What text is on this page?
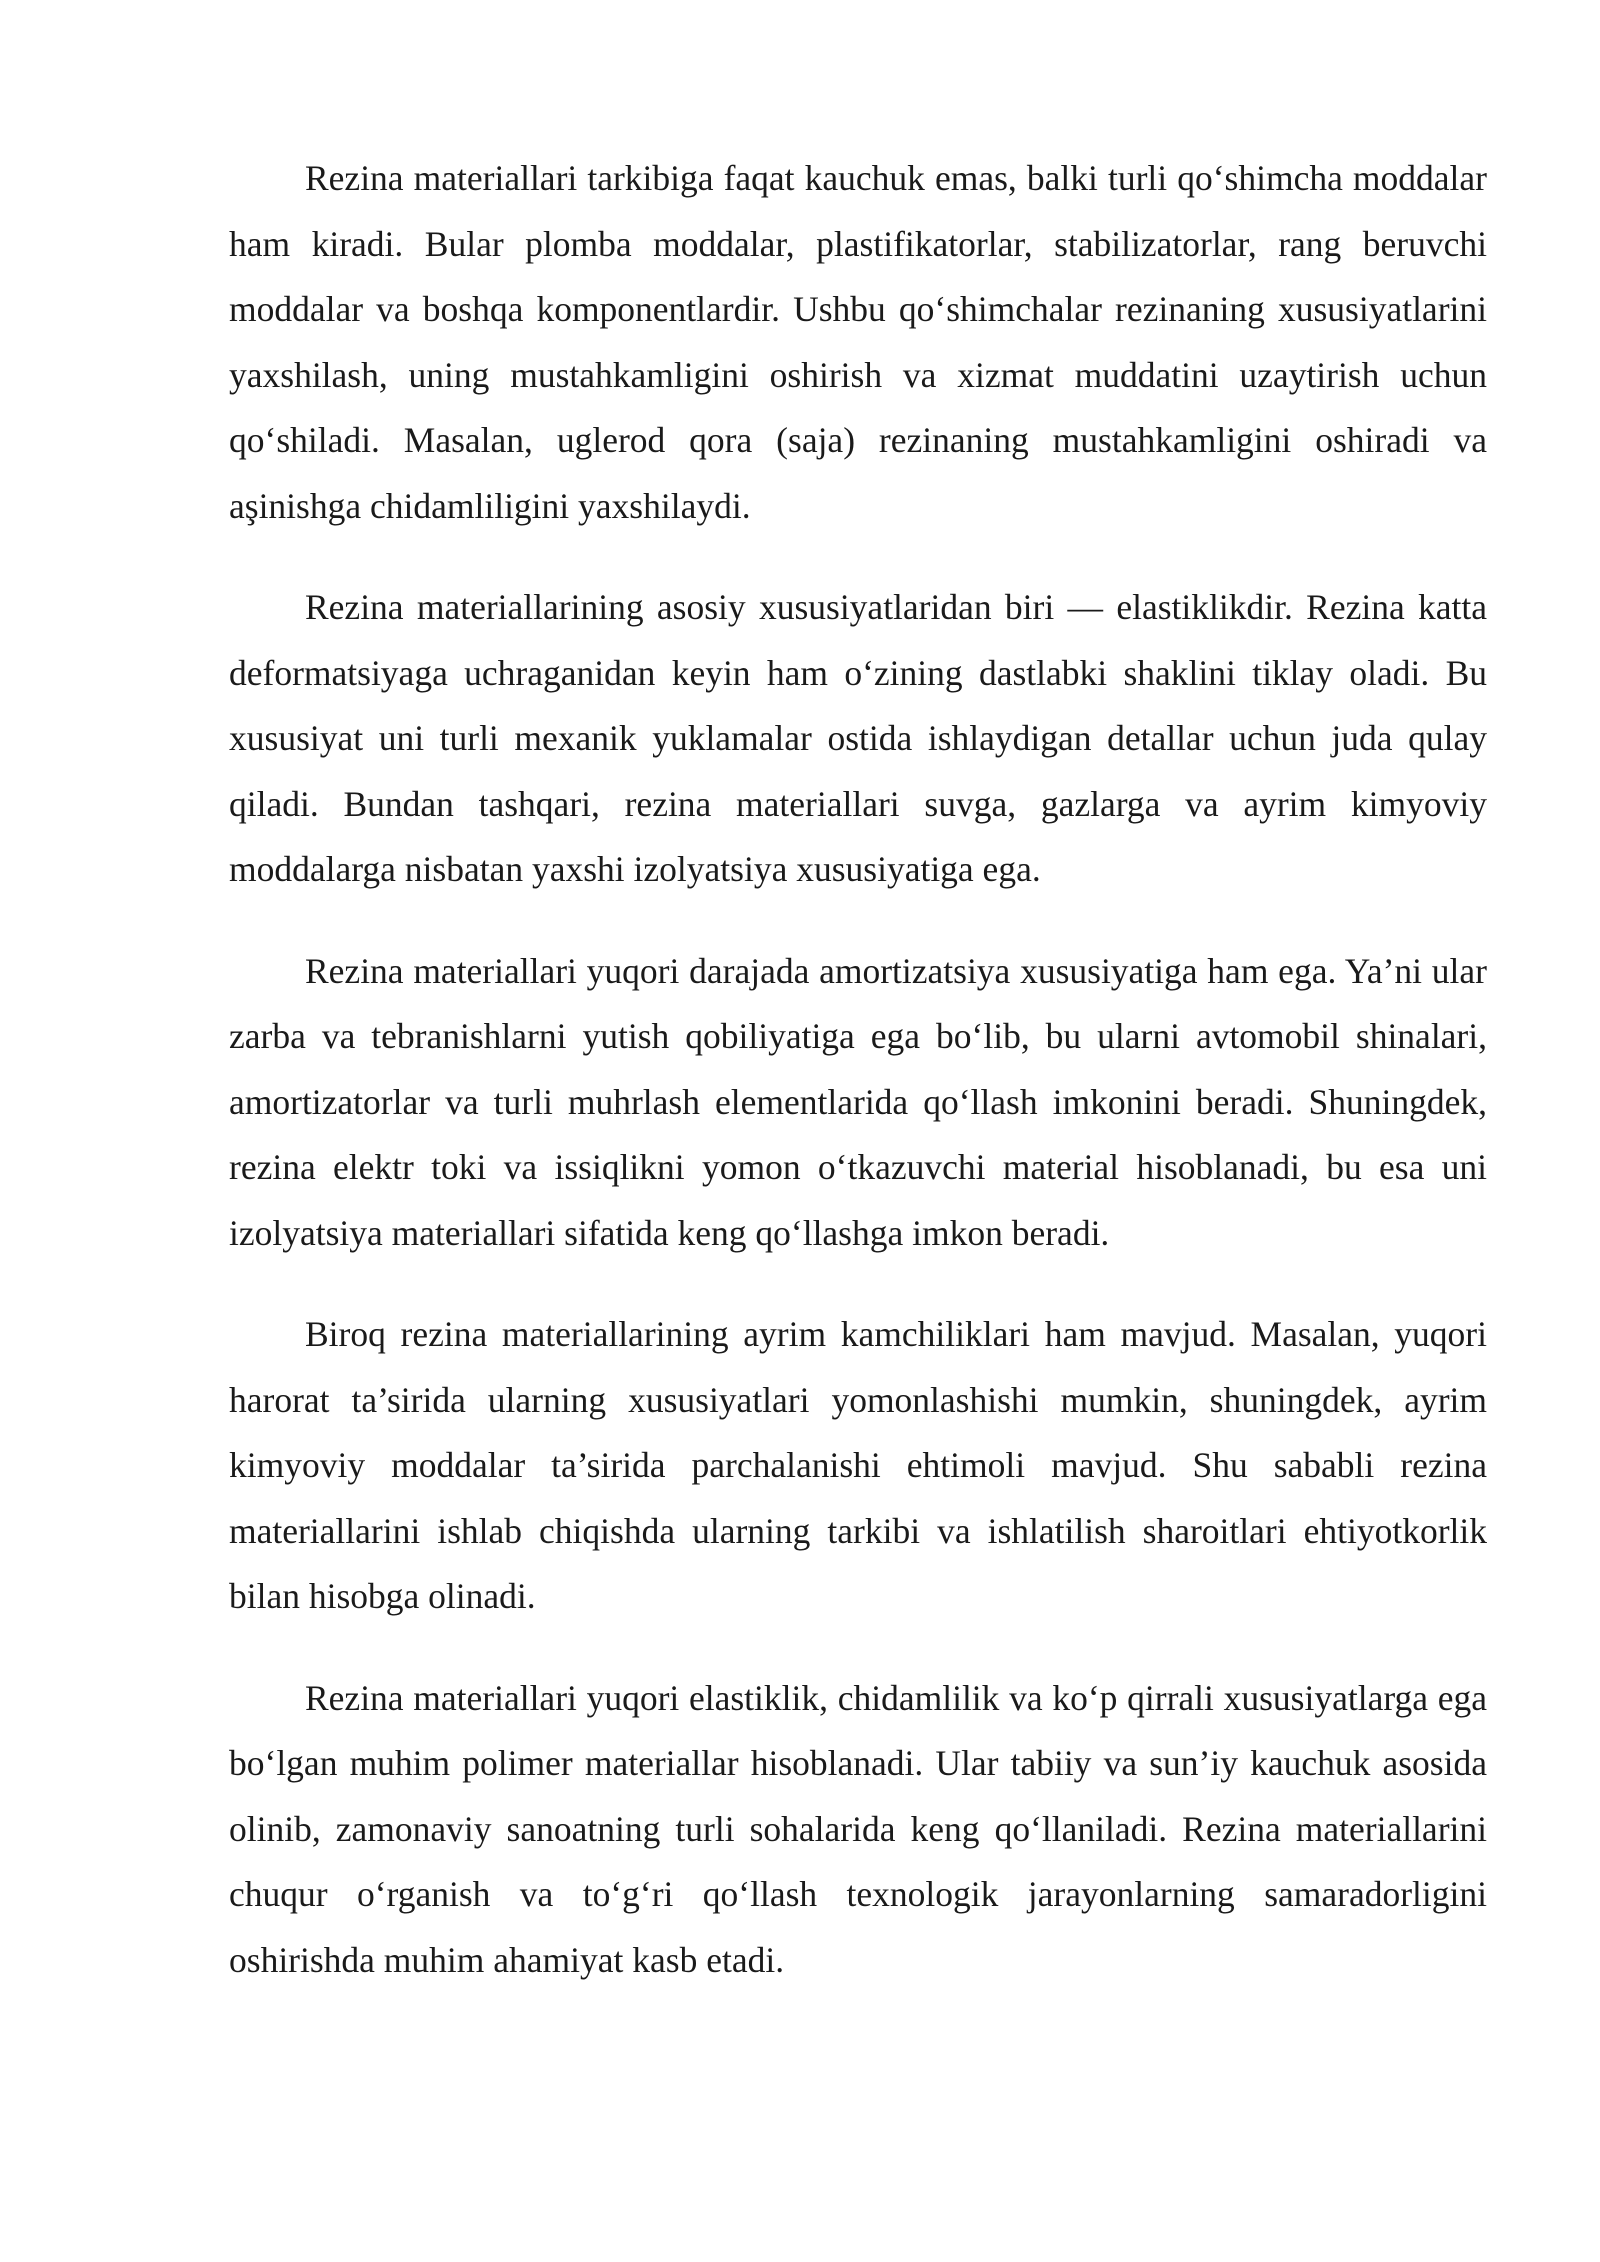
Rezina materiallari tarkibiga faqat kauchuk emas, balki turli qo‘shimcha moddalar ham kiradi. Bular plomba moddalar, plastifikatorlar, stabilizatorlar, rang beruvchi moddalar va boshqa komponentlardir. Ushbu qo‘shimchalar rezinaning xususiyatlarini yaxshilash, uning mustahkamligini oshirish va xizmat muddatini uzaytirish uchun qo‘shiladi. Masalan, uglerod qora (saja) rezinaning mustahkamligini oshiradi va aşinishga chidamliligini yaxshilaydi.

Rezina materiallarining asosiy xususiyatlaridan biri — elastiklikdir. Rezina katta deformatsiyaga uchraganidan keyin ham o‘zining dastlabki shaklini tiklay oladi. Bu xususiyat uni turli mexanik yuklamalar ostida ishlaydigan detallar uchun juda qulay qiladi. Bundan tashqari, rezina materiallari suvga, gazlarga va ayrim kimyoviy moddalarga nisbatan yaxshi izolyatsiya xususiyatiga ega.

Rezina materiallari yuqori darajada amortizatsiya xususiyatiga ham ega. Ya’ni ular zarba va tebranishlarni yutish qobiliyatiga ega bo‘lib, bu ularni avtomobil shinalari, amortizatorlar va turli muhrlash elementlarida qo‘llash imkonini beradi. Shuningdek, rezina elektr toki va issiqlikni yomon o‘tkazuvchi material hisoblanadi, bu esa uni izolyatsiya materiallari sifatida keng qo‘llashga imkon beradi.

Biroq rezina materiallarining ayrim kamchiliklari ham mavjud. Masalan, yuqori harorat ta’sirida ularning xususiyatlari yomonlashishi mumkin, shuningdek, ayrim kimyoviy moddalar ta’sirida parchalanishi ehtimoli mavjud. Shu sababli rezina materiallarini ishlab chiqishda ularning tarkibi va ishlatilish sharoitlari ehtiyotkorlik bilan hisobga olinadi.

Rezina materiallari yuqori elastiklik, chidamlilik va ko‘p qirrali xususiyatlarga ega bo‘lgan muhim polimer materiallar hisoblanadi. Ular tabiiy va sun’iy kauchuk asosida olinib, zamonaviy sanoatning turli sohalarida keng qo‘llaniladi. Rezina materiallarini chuqur o‘rganish va to‘g‘ri qo‘llash texnologik jarayonlarning samaradorligini oshirishda muhim ahamiyat kasb etadi.
